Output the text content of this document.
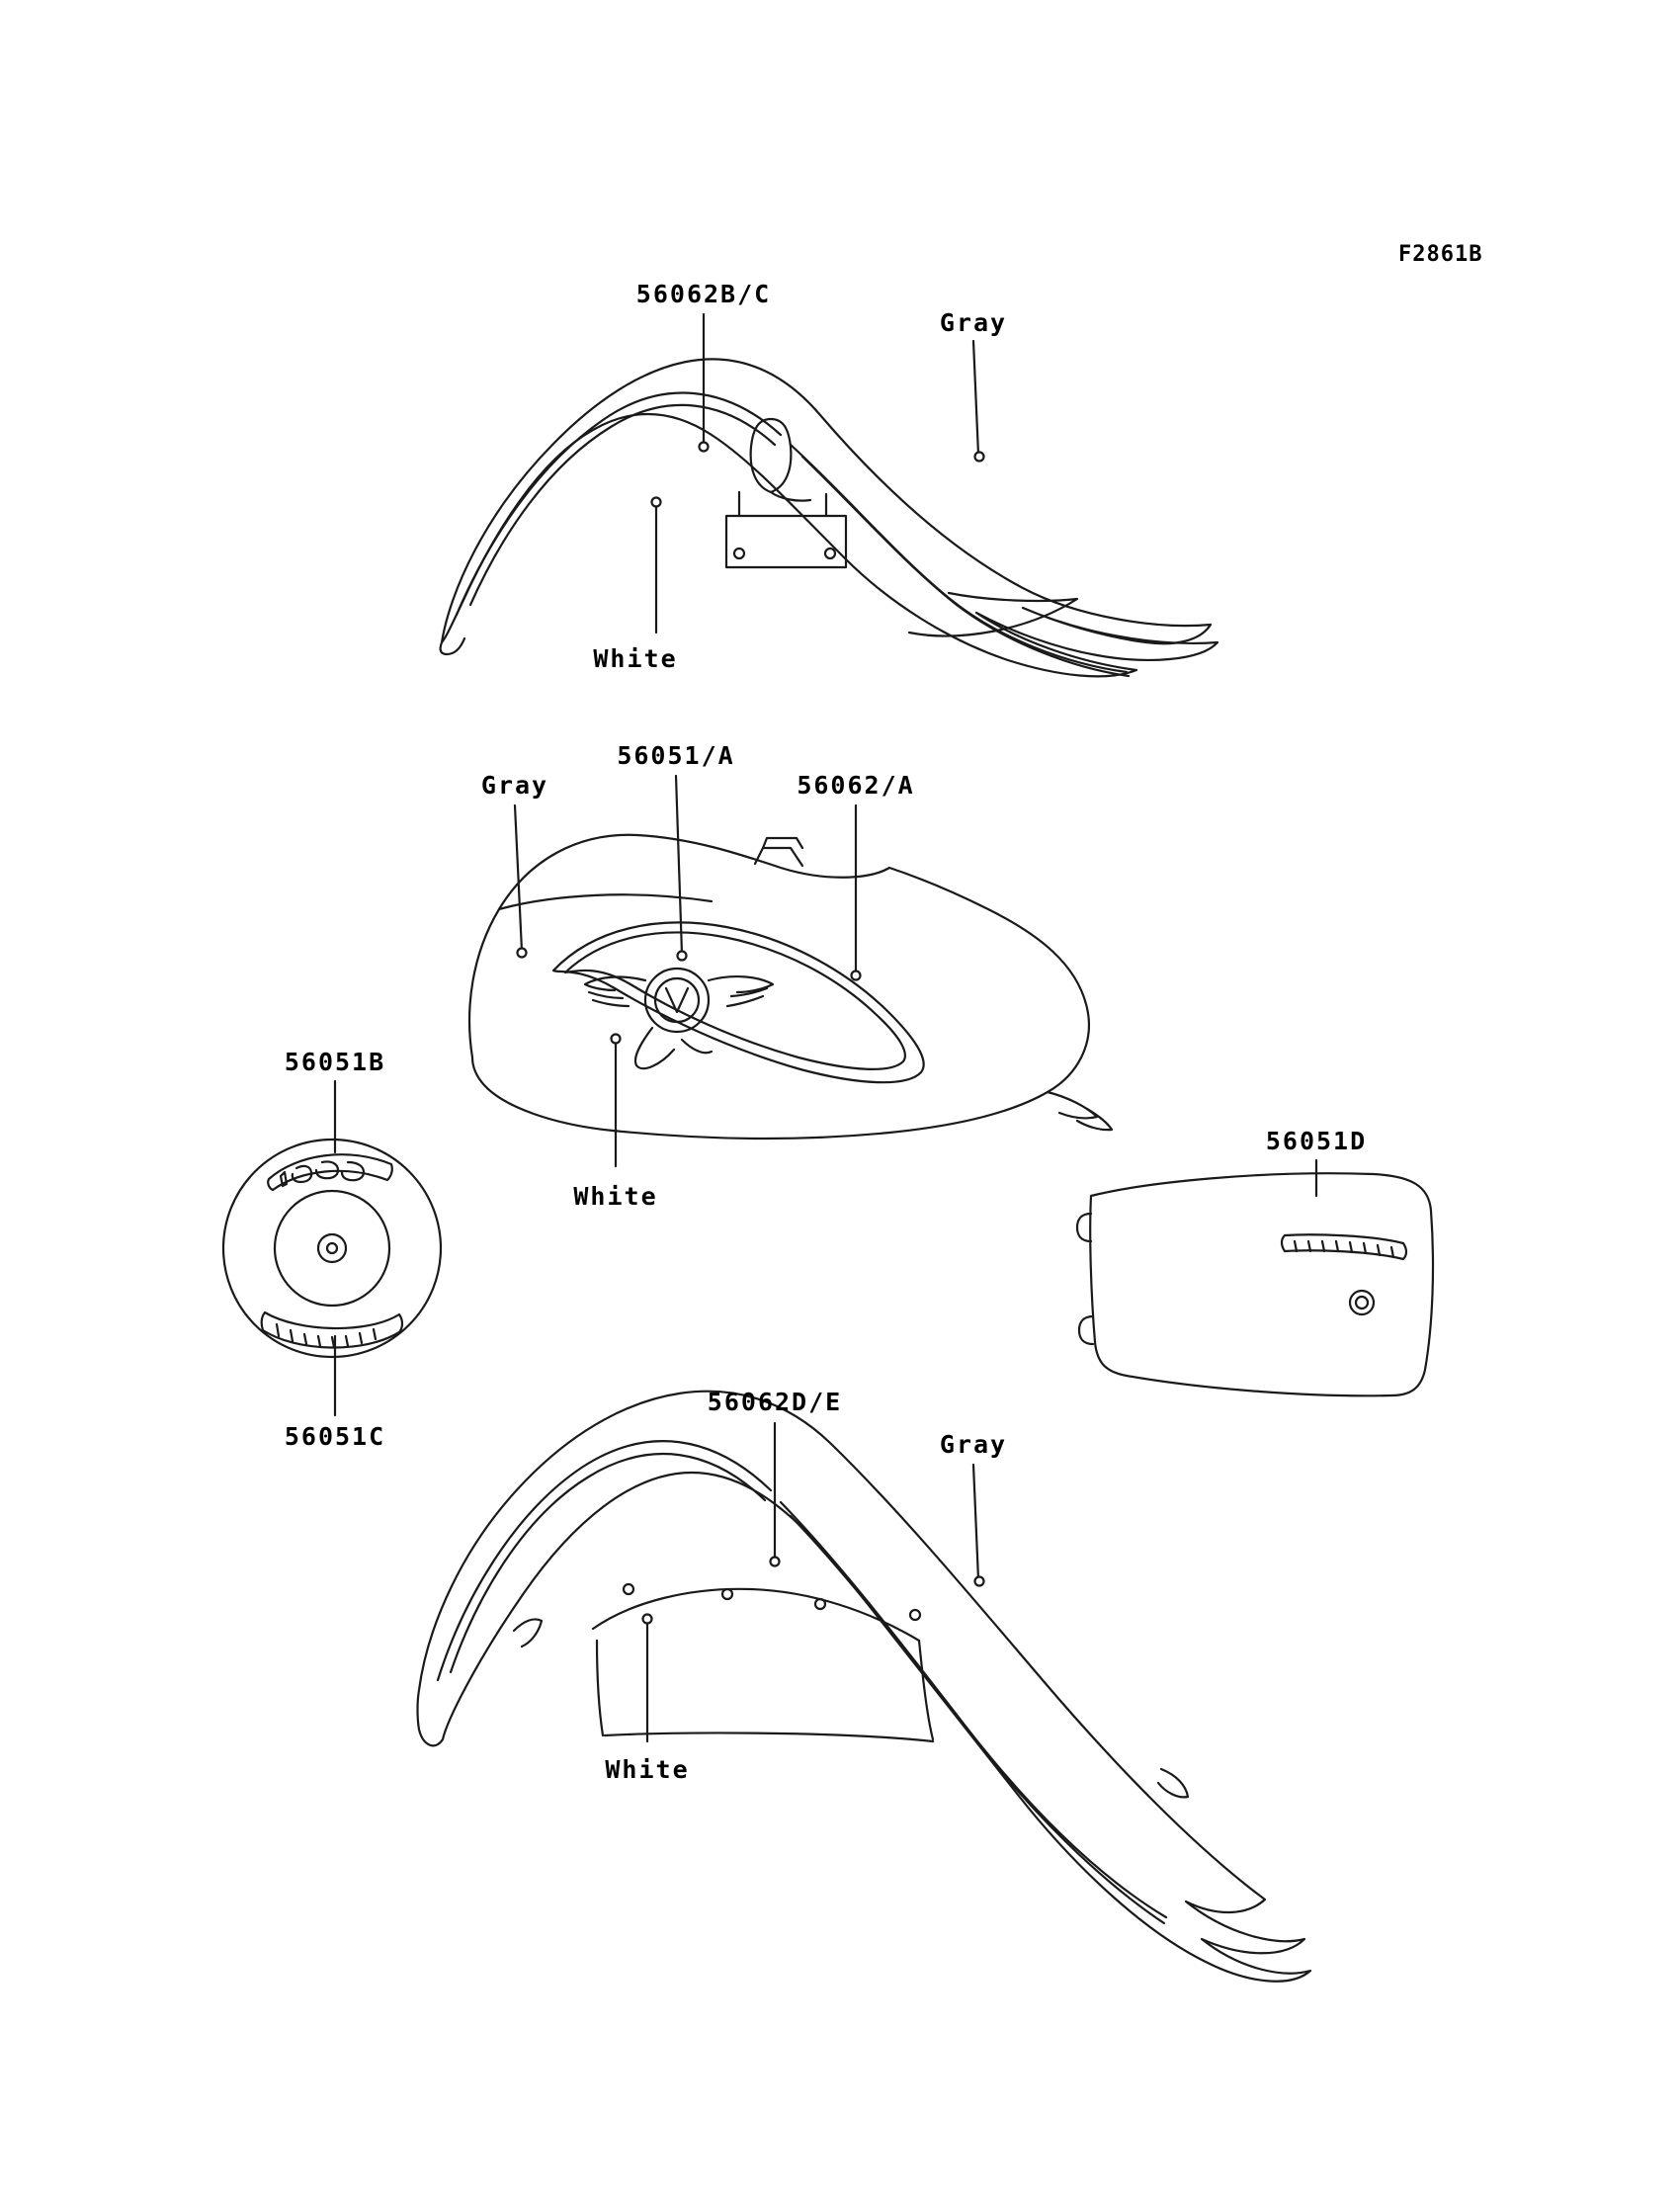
F2861B
56062B/C
Gray
White
56051/A
Gray	56062/A
White
56051B
56051C
56051D
56062D/E
Gray
White
